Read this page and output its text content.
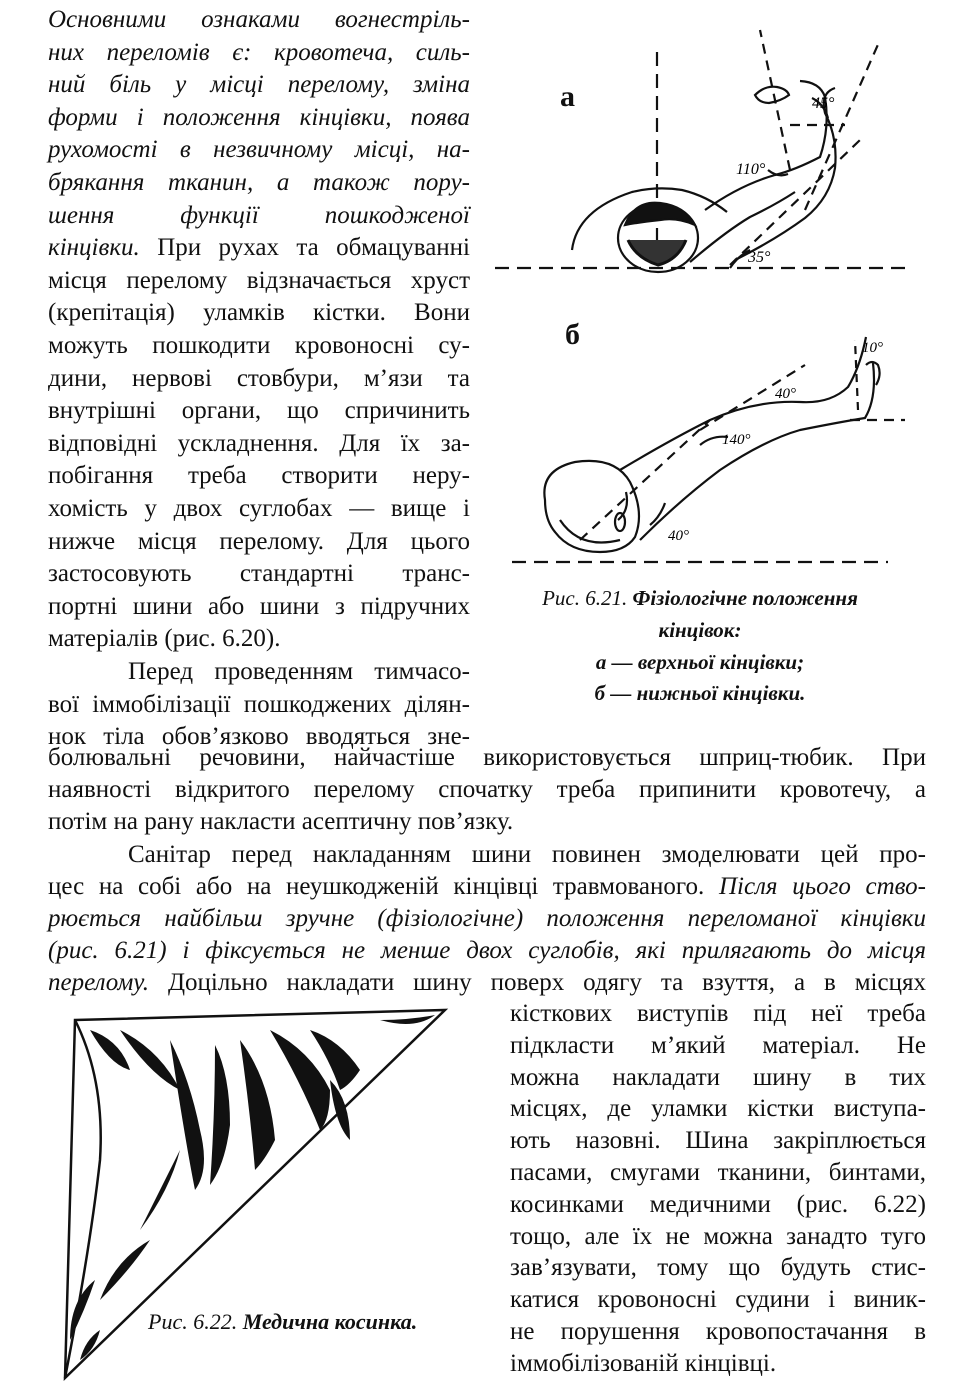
Основними ознаками вогнестріль-
них переломів є: кровотеча, силь-
ний біль у місці перелому, зміна
форми і положення кінцівки, поява
рухомості в незвичному місці, на-
брякання тканин, а також пору-
шення функції пошкодженої
кінцівки. При рухах та обмацуванні
місця перелому відзначається хруст
(крепітація) уламків кістки. Вони
можуть пошкодити кровоносні су-
дини, нервові стовбури, м’язи та
внутрішні органи, що спричинить
відповідні ускладнення. Для їх за-
побігання треба створити неру-
хомість у двох суглобах — вище і
нижче місця перелому. Для цього
застосовують стандартні транс-
портні шини або шини з підручних
матеріалів (рис. 6.20).
Перед проведенням тимчасо-
вої іммобілізації пошкоджених ділян-
нок тіла обов’язково вводяться зне-
болювальні речовини, найчастіше використовується шприц-тюбик. При
наявності відкритого перелому спочатку треба припинити кровотечу, а
потім на рану накласти асептичну пов’язку.
Санітар перед накладанням шини повинен змоделювати цей про-
цес на собі або на неушкодженій кінцівці травмованого. Після цього ство-
рюється найбільш зручне (фізіологічне) положення переломаної кінцівки
(рис. 6.21) і фіксується не менше двох суглобів, які прилягають до місця
перелому. Доцільно накладати шину поверх одягу та взуття, а в місцях
кісткових виступів під неї треба
підкласти м’який матеріал. Не
можна накладати шину в тих
місцях, де уламки кістки виступа-
ють назовні. Шина закріплюється
пасами, смугами тканини, бинтами,
косинками медичними (рис. 6.22)
тощо, але їх не можна занадто туго
зав’язувати, тому що будуть стис-
катися кровоносні судини і виник-
не порушення кровопостачання в
іммобілізованій кінцівці.
а
б
45°
110°
35°
10°
40°
140°
40°
Рис. 6.21. Фізіологічне положення
кінцівок:
а — верхньої кінцівки;
б — нижньої кінцівки.
Рис. 6.22. Медична косинка.
